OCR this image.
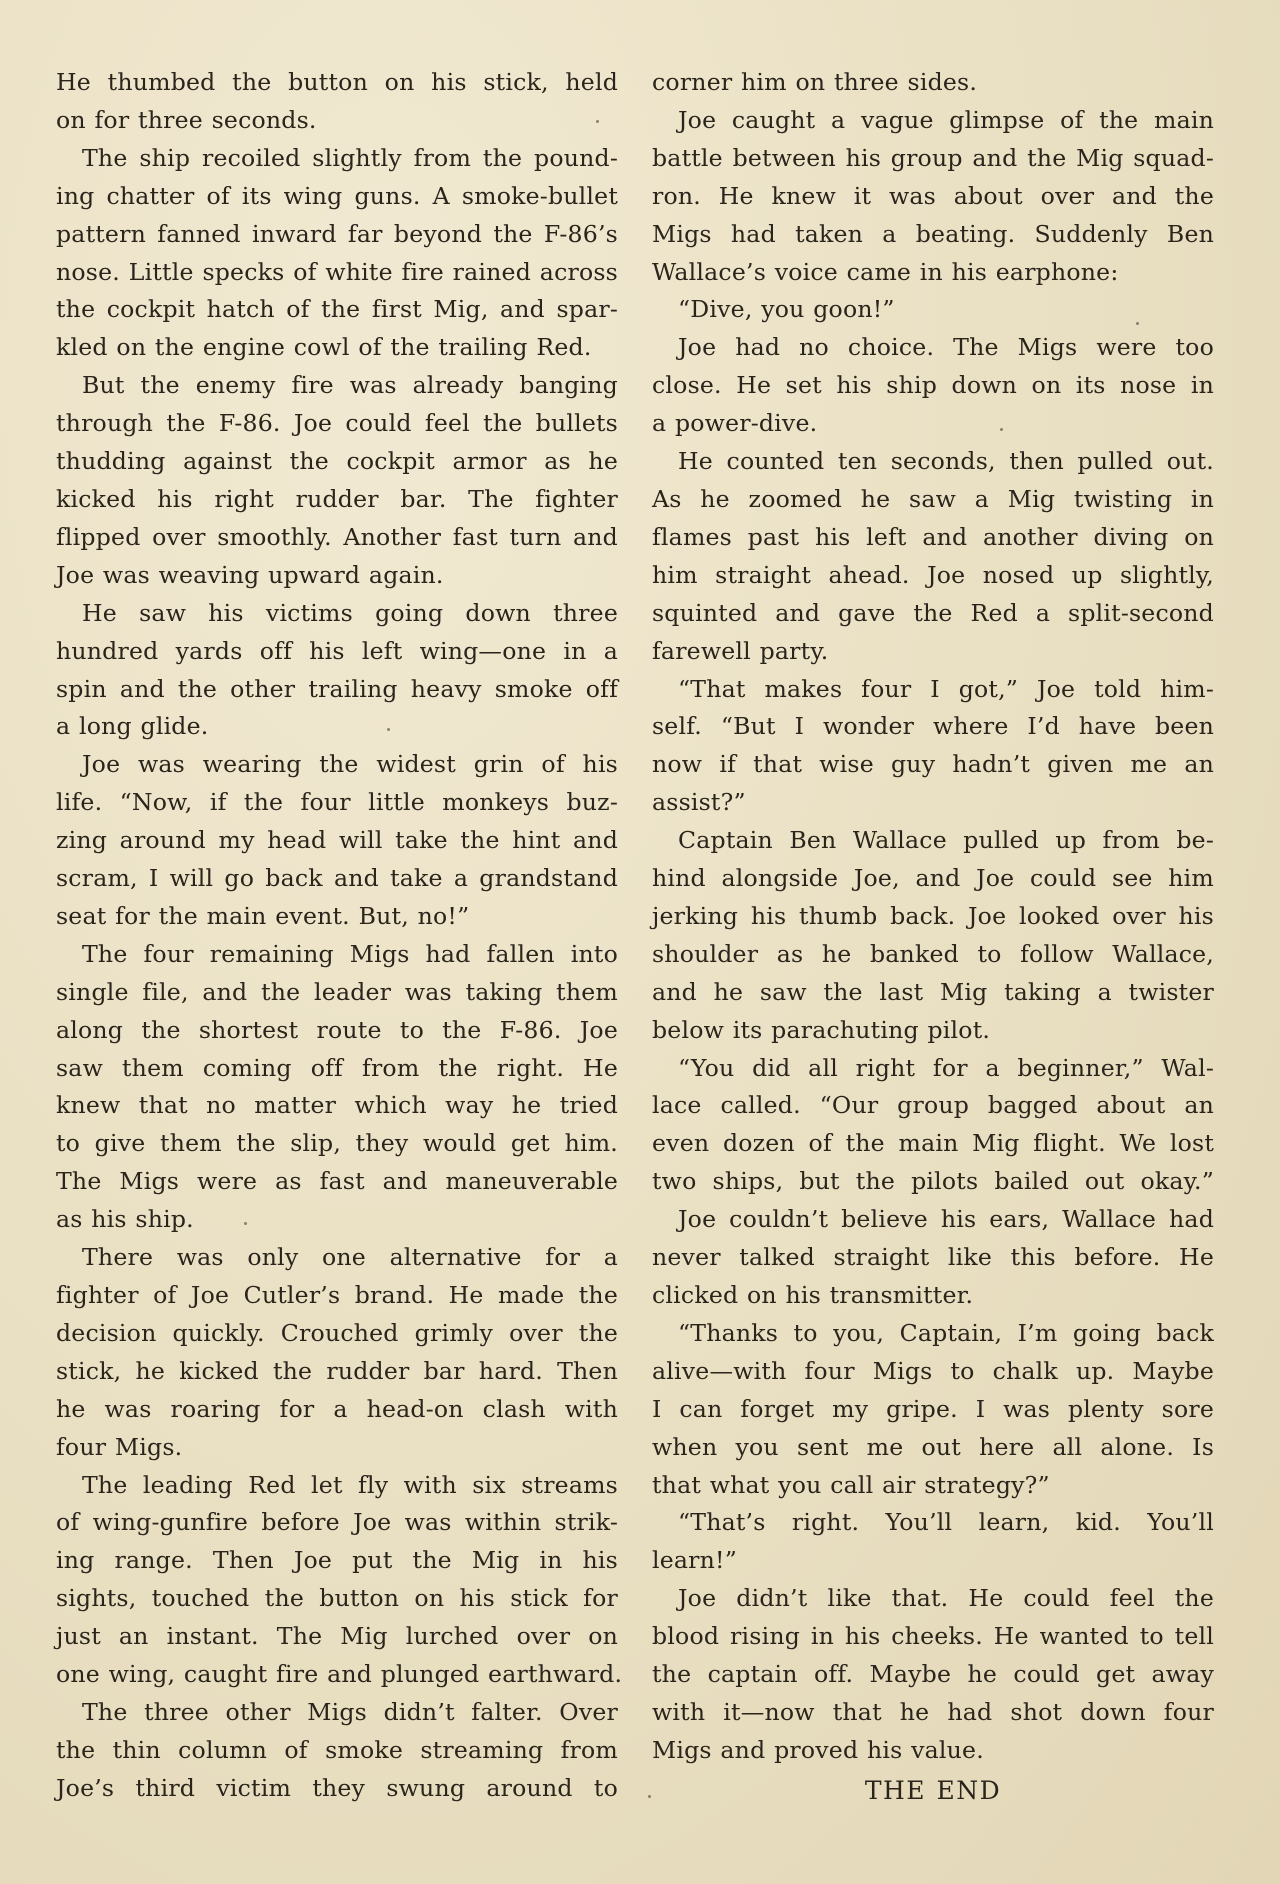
He thumbed the button on his stick, held
on for three seconds.
The ship recoiled slightly from the pound-
ing chatter of its wing guns. A smoke-bullet
pattern fanned inward far beyond the F-86’s
nose. Little specks of white fire rained across
the cockpit hatch of the first Mig, and spar-
kled on the engine cowl of the trailing Red.
But the enemy fire was already banging
through the F-86. Joe could feel the bullets
thudding against the cockpit armor as he
kicked his right rudder bar. The fighter
flipped over smoothly. Another fast turn and
Joe was weaving upward again.
He saw his victims going down three
hundred yards off his left wing—one in a
spin and the other trailing heavy smoke off
a long glide.
Joe was wearing the widest grin of his
life. “Now, if the four little monkeys buz-
zing around my head will take the hint and
scram, I will go back and take a grandstand
seat for the main event. But, no!”
The four remaining Migs had fallen into
single file, and the leader was taking them
along the shortest route to the F-86. Joe
saw them coming off from the right. He
knew that no matter which way he tried
to give them the slip, they would get him.
The Migs were as fast and maneuverable
as his ship.
There was only one alternative for a
fighter of Joe Cutler’s brand. He made the
decision quickly. Crouched grimly over the
stick, he kicked the rudder bar hard. Then
he was roaring for a head-on clash with
four Migs.
The leading Red let fly with six streams
of wing-gunfire before Joe was within strik-
ing range. Then Joe put the Mig in his
sights, touched the button on his stick for
just an instant. The Mig lurched over on
one wing, caught fire and plunged earthward.
The three other Migs didn’t falter. Over
the thin column of smoke streaming from
Joe’s third victim they swung around to
corner him on three sides.
Joe caught a vague glimpse of the main
battle between his group and the Mig squad-
ron. He knew it was about over and the
Migs had taken a beating. Suddenly Ben
Wallace’s voice came in his earphone:
“Dive, you goon!”
Joe had no choice. The Migs were too
close. He set his ship down on its nose in
a power-dive.
He counted ten seconds, then pulled out.
As he zoomed he saw a Mig twisting in
flames past his left and another diving on
him straight ahead. Joe nosed up slightly,
squinted and gave the Red a split-second
farewell party.
“That makes four I got,” Joe told him-
self. “But I wonder where I’d have been
now if that wise guy hadn’t given me an
assist?”
Captain Ben Wallace pulled up from be-
hind alongside Joe, and Joe could see him
jerking his thumb back. Joe looked over his
shoulder as he banked to follow Wallace,
and he saw the last Mig taking a twister
below its parachuting pilot.
“You did all right for a beginner,” Wal-
lace called. “Our group bagged about an
even dozen of the main Mig flight. We lost
two ships, but the pilots bailed out okay.”
Joe couldn’t believe his ears, Wallace had
never talked straight like this before. He
clicked on his transmitter.
“Thanks to you, Captain, I’m going back
alive—with four Migs to chalk up. Maybe
I can forget my gripe. I was plenty sore
when you sent me out here all alone. Is
that what you call air strategy?”
“That’s right. You’ll learn, kid. You’ll
learn!”
Joe didn’t like that. He could feel the
blood rising in his cheeks. He wanted to tell
the captain off. Maybe he could get away
with it—now that he had shot down four
Migs and proved his value.
THE END
